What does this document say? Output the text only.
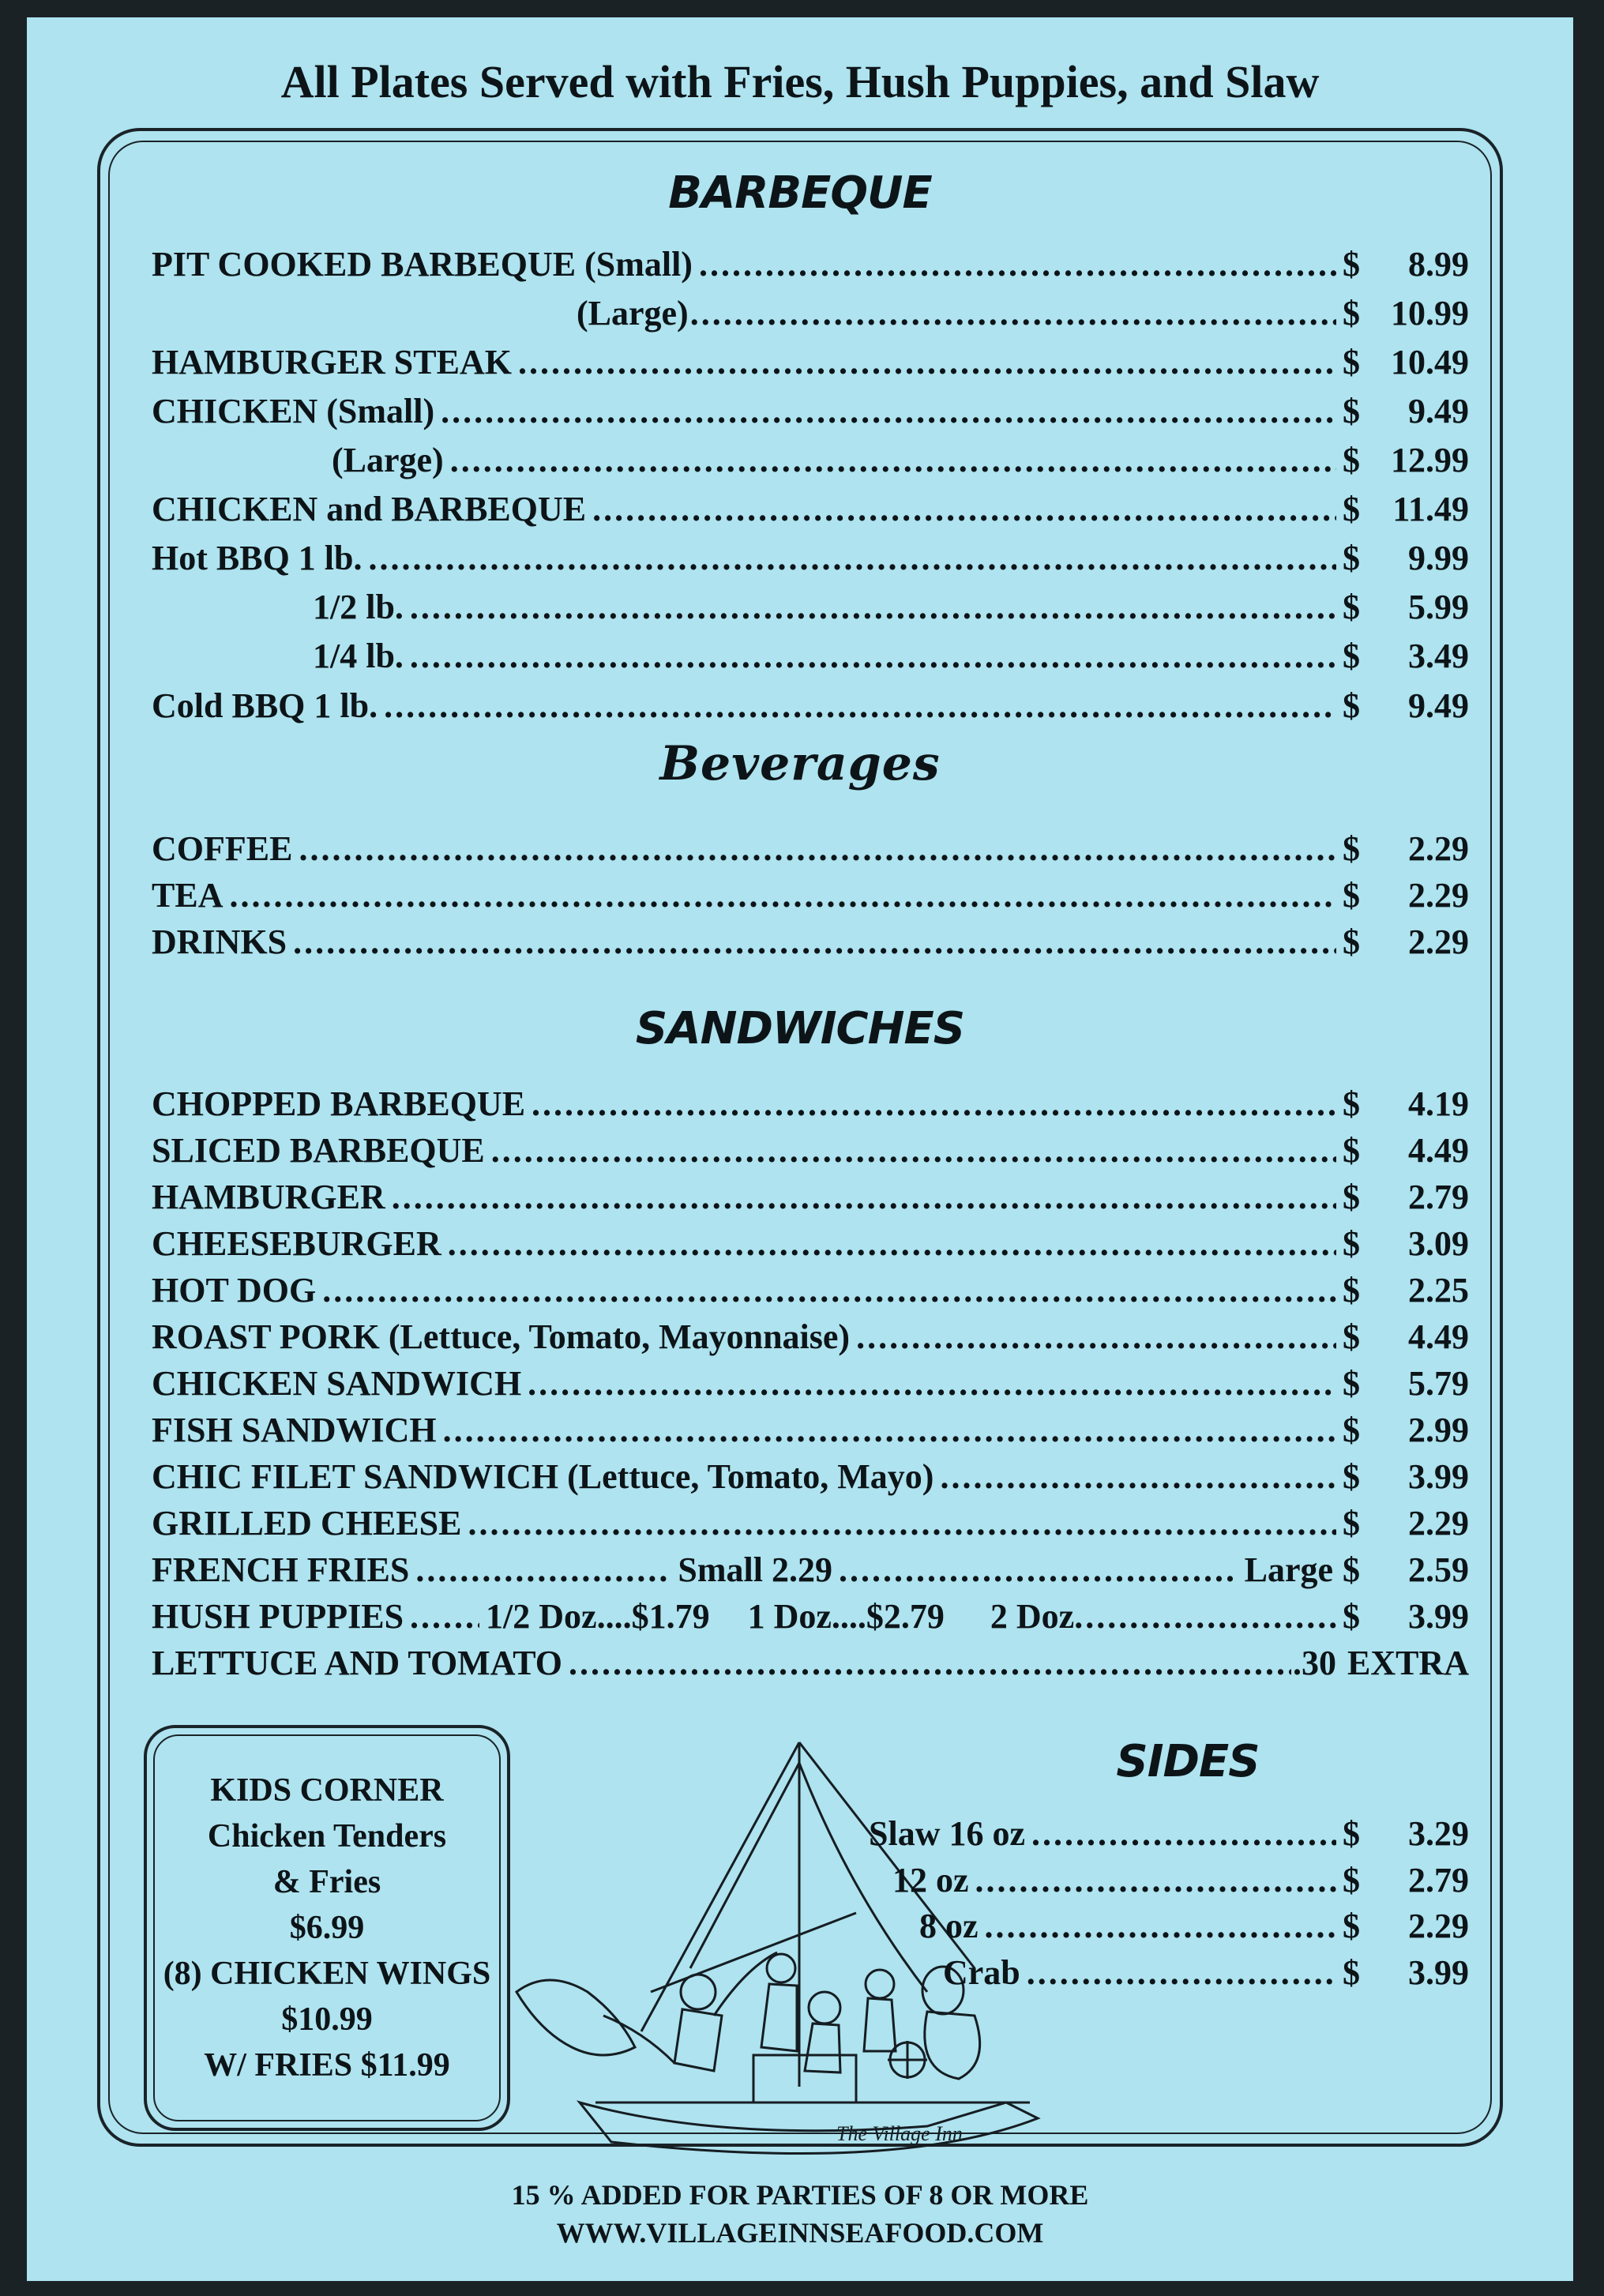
All Plates Served with Fries, Hush Puppies, and Slaw
BARBEQUE
PIT COOKED BARBEQUE (Small) .....	$ 8.99
(Large) .....	$ 10.99
HAMBURGER STEAK .....	$ 10.49
CHICKEN (Small) .....	$ 9.49
(Large) .....	$ 12.99
CHICKEN and BARBEQUE .....	$ 11.49
Hot BBQ 1 lb. .....	$ 9.99
1/2 lb. .....	$ 5.99
1/4 lb. .....	$ 3.49
Cold BBQ 1 lb. .....	$ 9.49
Beverages
COFFEE .....	$ 2.29
TEA .....	$ 2.29
DRINKS .....	$ 2.29
SANDWICHES
CHOPPED BARBEQUE .....	$ 4.19
SLICED BARBEQUE .....	$ 4.49
HAMBURGER .....	$ 2.79
CHEESEBURGER .....	$ 3.09
HOT DOG .....	$ 2.25
ROAST PORK (Lettuce, Tomato, Mayonnaise) .....	$ 4.49
CHICKEN SANDWICH .....	$ 5.79
FISH SANDWICH .....	$ 2.99
CHIC FILET SANDWICH (Lettuce, Tomato, Mayo) .....	$ 3.99
GRILLED CHEESE .....	$ 2.29
FRENCH FRIES .....	Small 2.29 .....	Large $ 2.59
HUSH PUPPIES ..... 1/2 Doz....$1.79 1 Doz....$2.79 2 Doz .....	$ 3.99
LETTUCE AND TOMATO .....	.30 EXTRA
KIDS CORNER
Chicken Tenders
& Fries
$6.99
(8) CHICKEN WINGS
$10.99
W/ FRIES $11.99
The Village Inn
SIDES
Slaw 16 oz .....	$ 3.29
12 oz .....	$ 2.79
8 oz .....	$ 2.29
Crab .....	$ 3.99
15 % ADDED FOR PARTIES OF 8 OR MORE
WWW.VILLAGEINNSEAFOOD.COM
